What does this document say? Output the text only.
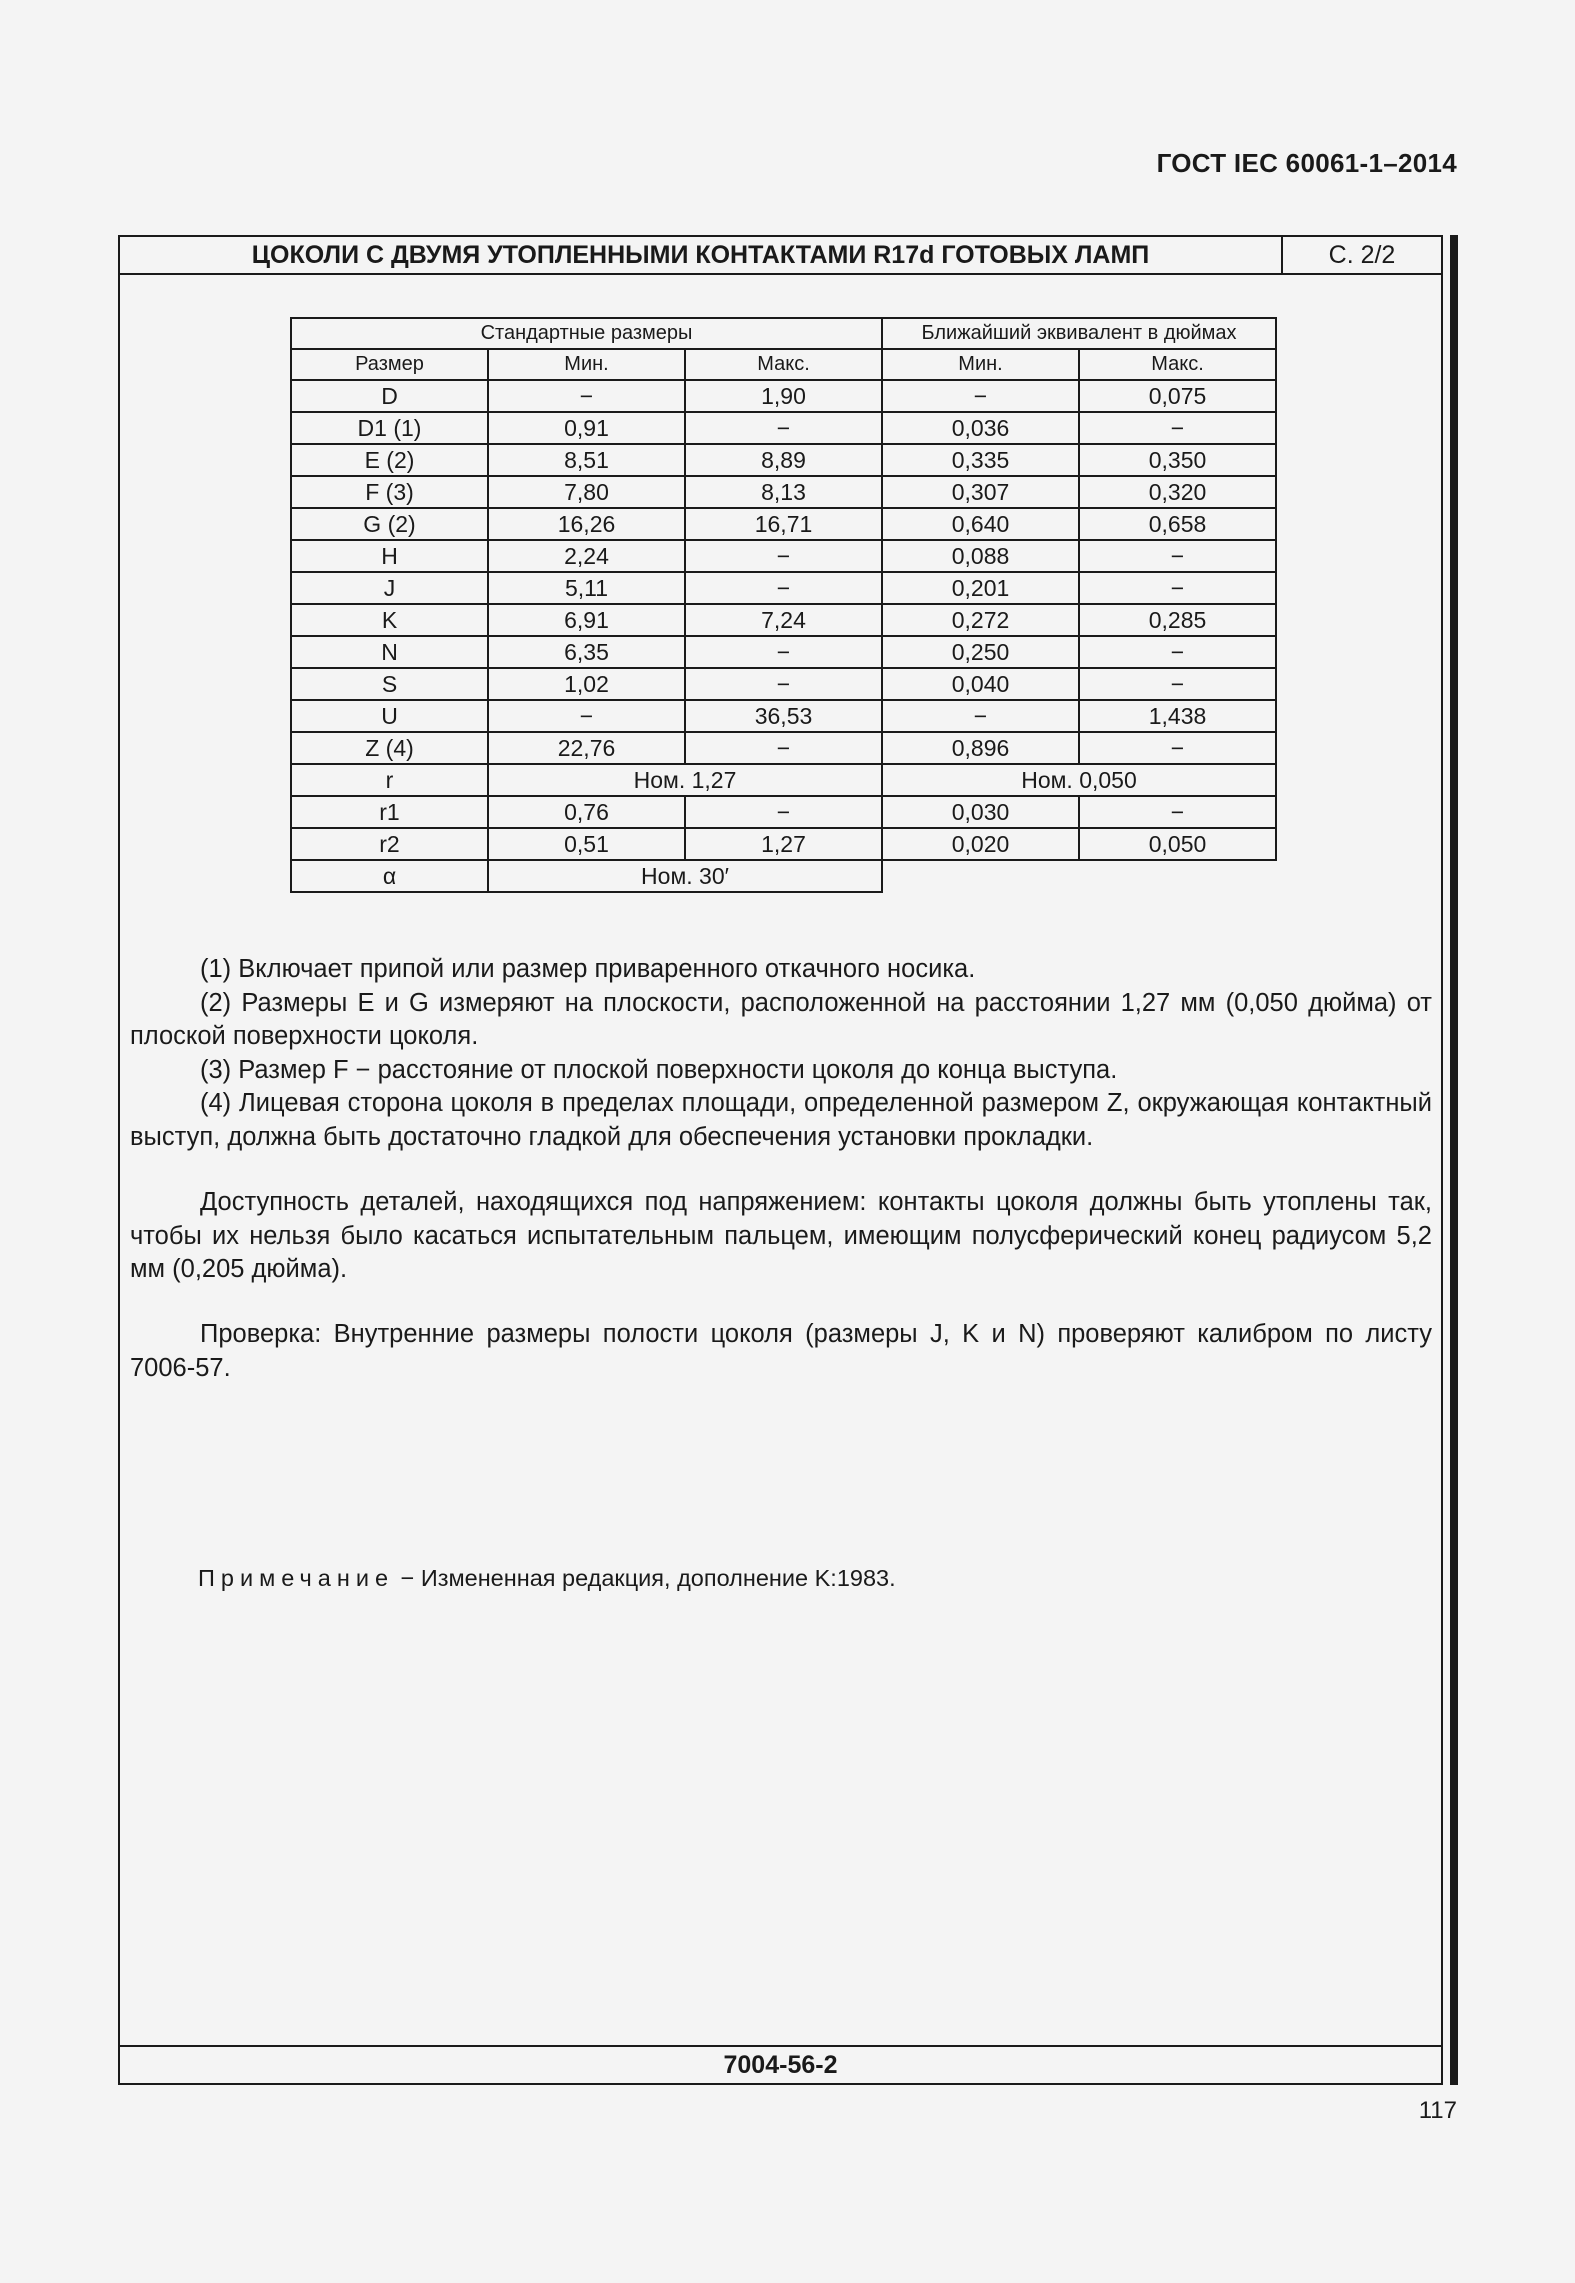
ГОСТ IEC 60061-1–2014
ЦОКОЛИ С ДВУМЯ УТОПЛЕННЫМИ КОНТАКТАМИ R17d ГОТОВЫХ ЛАМП	С. 2/2
Стандартные размеры			Ближайший эквивалент в дюймах	
Размер	Мин.	Макс.	Мин.	Макс.
D	−	1,90	−	0,075
D1 (1)	0,91	−	0,036	−
E (2)	8,51	8,89	0,335	0,350
F (3)	7,80	8,13	0,307	0,320
G (2)	16,26	16,71	0,640	0,658
H	2,24	−	0,088	−
J	5,11	−	0,201	−
K	6,91	7,24	0,272	0,285
N	6,35	−	0,250	−
S	1,02	−	0,040	−
U	−	36,53	−	1,438
Z (4)	22,76	−	0,896	−
r	Ном. 1,27		Ном. 0,050	
r1	0,76	−	0,030	−
r2	0,51	1,27	0,020	0,050
α	Ном. 30′			

(1) Включает припой или размер приваренного откачного носика.

(2) Размеры E и G измеряют на плоскости, расположенной на расстоянии 1,27 мм (0,050 дюйма) от плоской поверхности цоколя.

(3) Размер F − расстояние от плоской поверхности цоколя до конца выступа.

(4) Лицевая сторона цоколя в пределах площади, определенной размером Z, окружающая контактный выступ, должна быть достаточно гладкой для обеспечения установки прокладки.

Доступность деталей, находящихся под напряжением: контакты цоколя должны быть утоплены так, чтобы их нельзя было касаться испытательным пальцем, имеющим полусферический конец радиусом 5,2 мм (0,205 дюйма).

Проверка: Внутренние размеры полости цоколя (размеры J, K и N) проверяют калибром по листу 7006-57.

Примечание − Измененная редакция, дополнение K:1983.
7004-56-2
117
